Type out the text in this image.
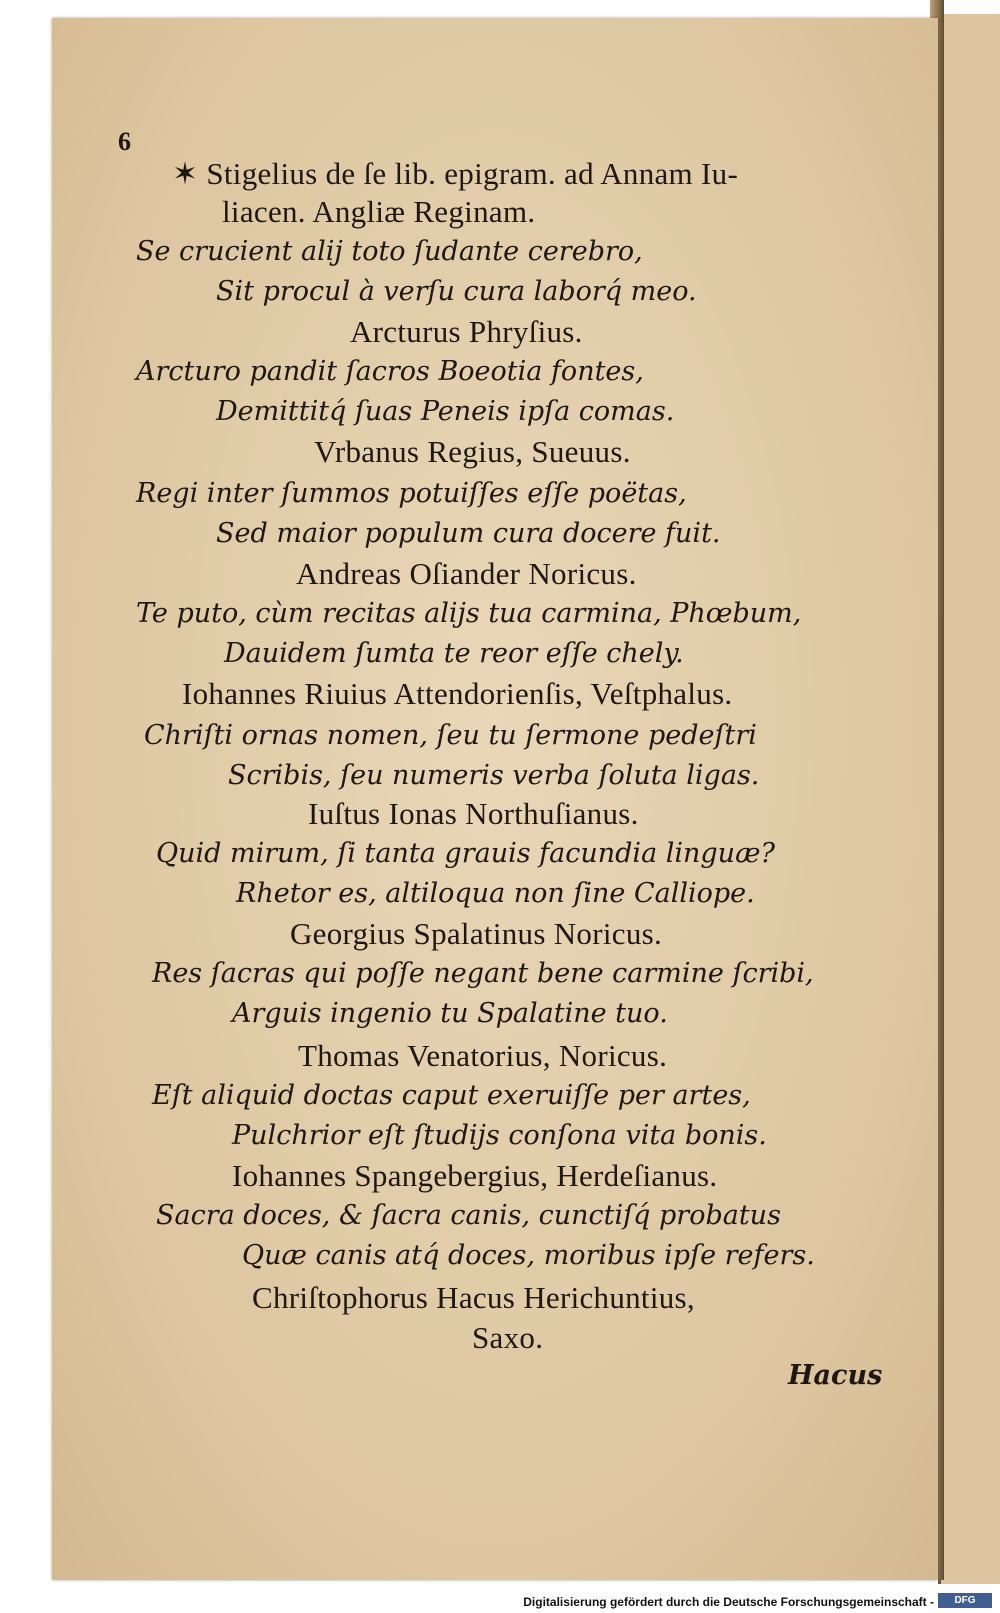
6
✶ Stigelius de ſe lib. epigram. ad Annam Iu-
liacen. Angliæ Reginam.
Se crucient alij toto ſudante cerebro,
Sit procul à verſu cura laborq́ meo.
Arcturus Phryſius.
Arcturo pandit ſacros Boeotia fontes,
Demittitq́ ſuas Peneis ipſa comas.
Vrbanus Regius, Sueuus.
Regi inter ſummos potuiſſes eſſe poëtas,
Sed maior populum cura docere fuit.
Andreas Oſiander Noricus.
Te puto, cùm recitas alijs tua carmina, Phœbum,
Dauidem ſumta te reor eſſe chely.
Iohannes Riuius Attendorienſis, Veſtphalus.
Chriſti ornas nomen, ſeu tu ſermone pedeſtri
Scribis, ſeu numeris verba ſoluta ligas.
Iuſtus Ionas Northuſianus.
Quid mirum, ſi tanta grauis facundia linguæ?
Rhetor es, altiloqua non ſine Calliope.
Georgius Spalatinus Noricus.
Res ſacras qui poſſe negant bene carmine ſcribi,
Arguis ingenio tu Spalatine tuo.
Thomas Venatorius, Noricus.
Eſt aliquid doctas caput exeruiſſe per artes,
Pulchrior eſt ſtudijs conſona vita bonis.
Iohannes Spangebergius, Herdeſianus.
Sacra doces, & ſacra canis, cunctiſq́ probatus
Quæ canis atq́ doces, moribus ipſe refers.
Chriſtophorus Hacus Herichuntius,
Saxo.
Hacus
Digitalisierung gefördert durch die Deutsche Forschungsgemeinschaft -	DFG
